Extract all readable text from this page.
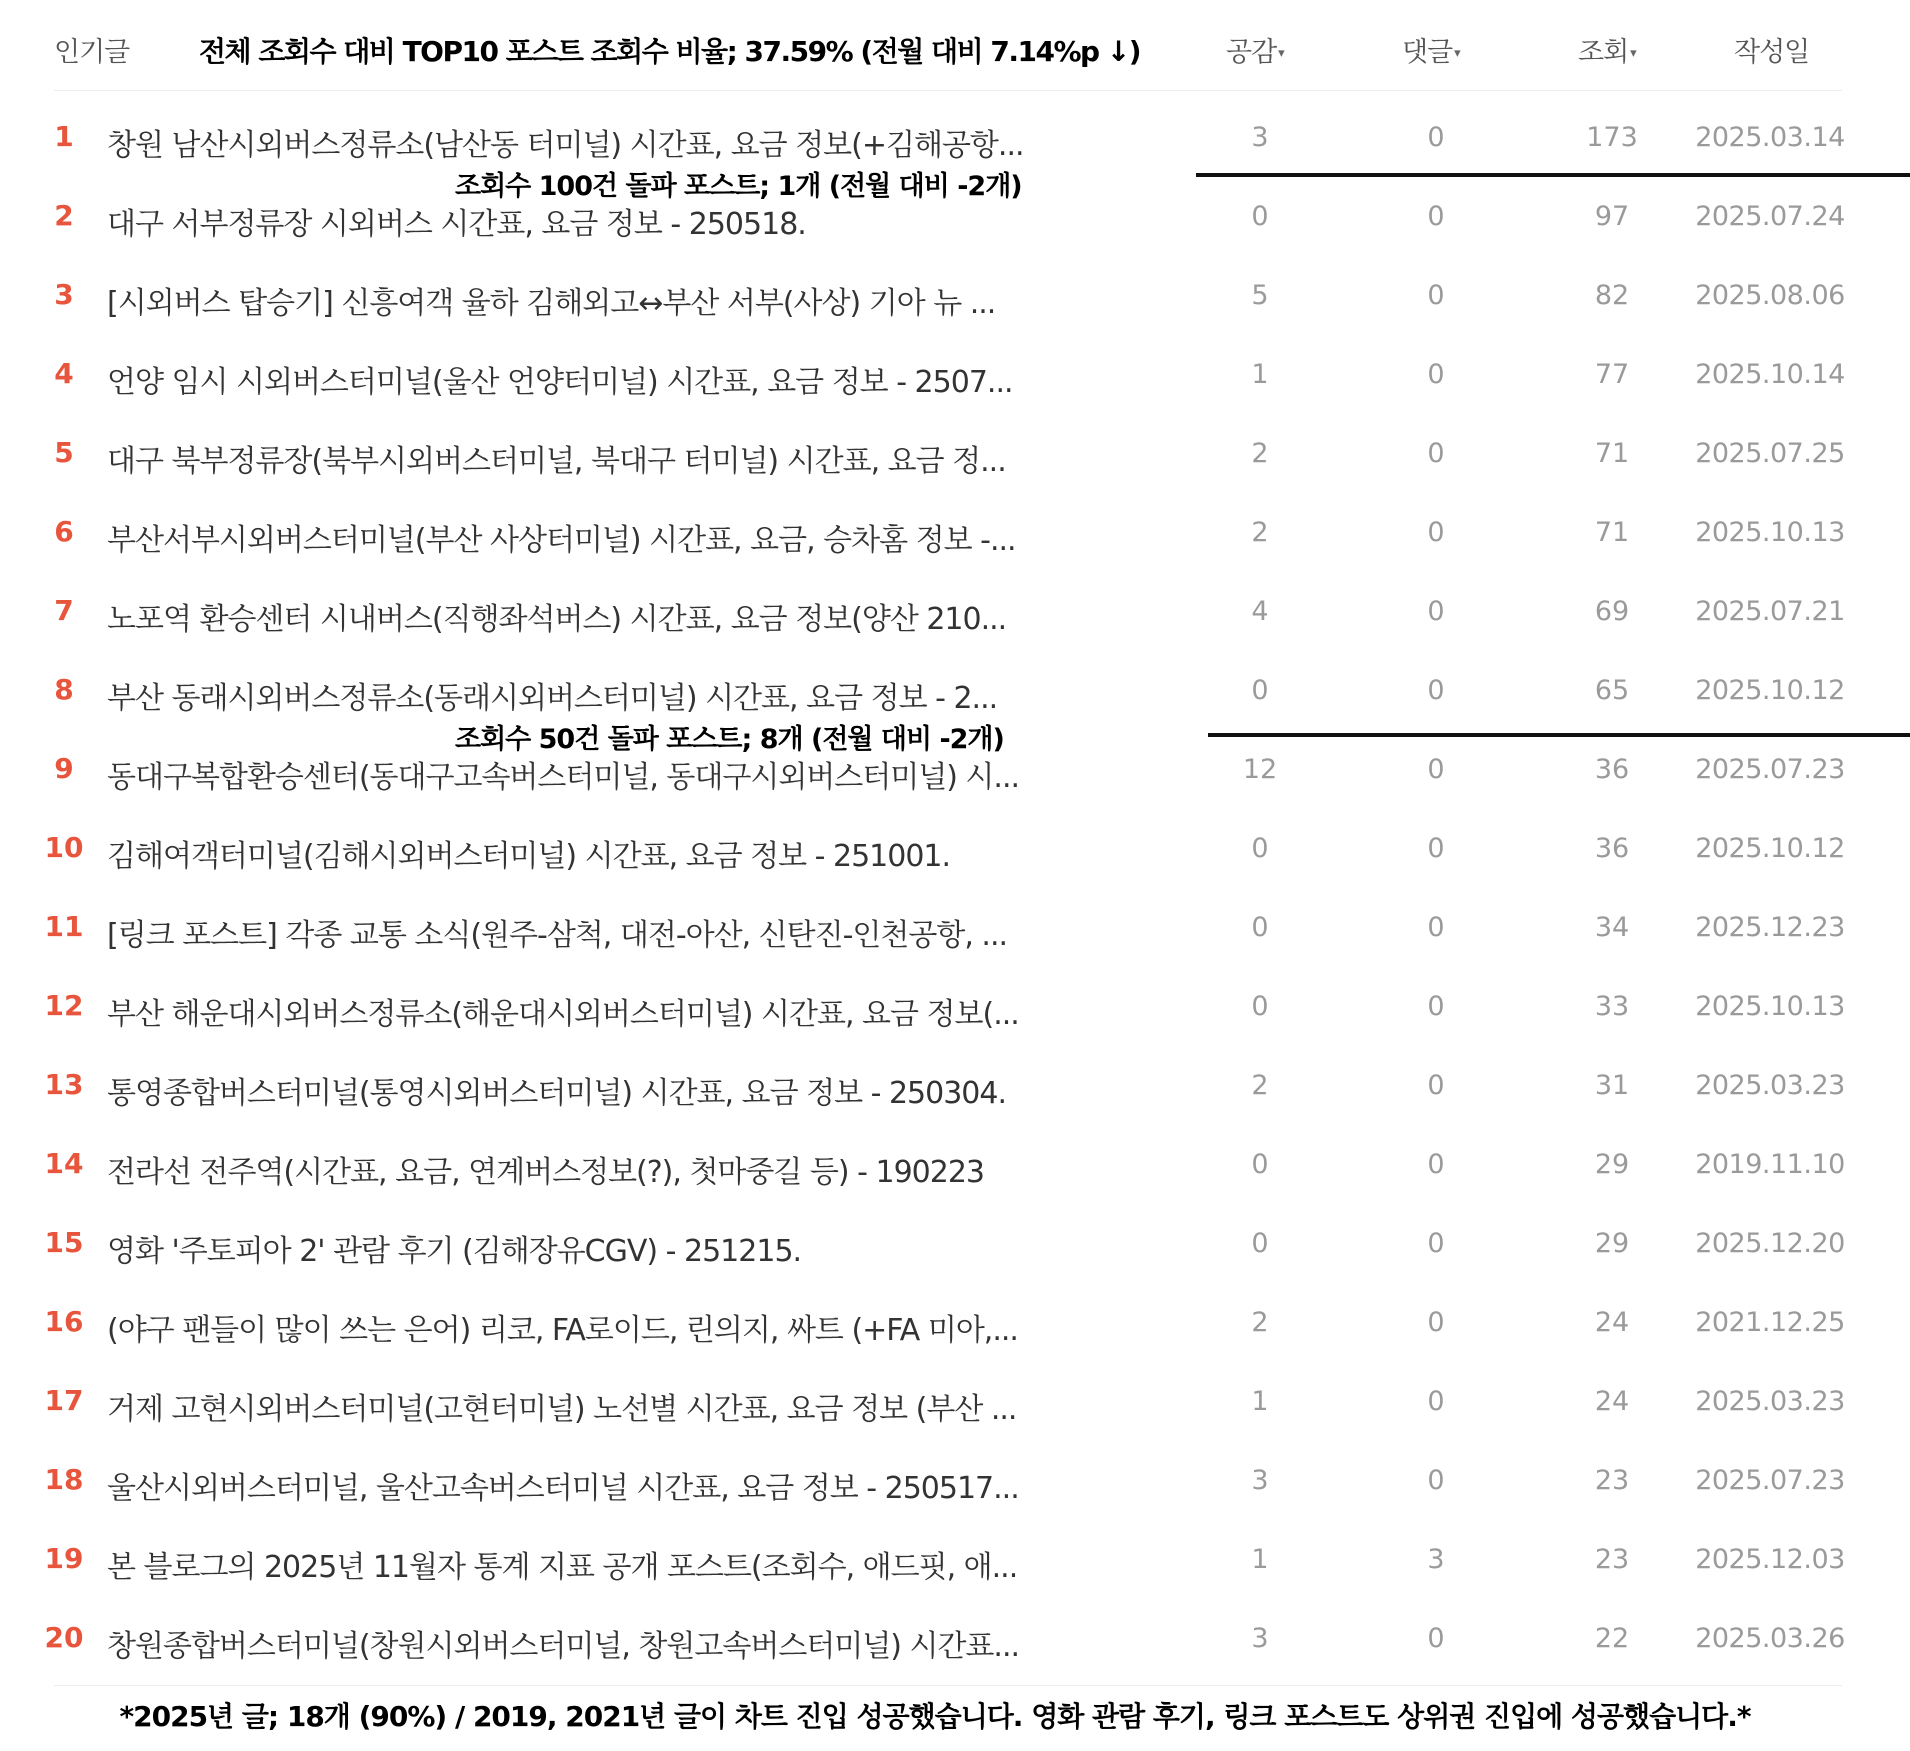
인기글 전체 조회수 대비 TOP10 포스트 조회수 비율; 37.59% (전월 대비 7.14%p ↓)	공감 ▾	댓글 ▾	조회 ▾	작성일
1	창원 남산시외버스정류소(남산동 터미널) 시간표, 요금 정보(+김해공항...	3	0	173	2025.03.14
2	대구 서부정류장 시외버스 시간표, 요금 정보 - 250518.	0	0	97	2025.07.24
3	[시외버스 탑승기] 신흥여객 율하 김해외고↔부산 서부(사상) 기아 뉴 ...	5	0	82	2025.08.06
4	언양 임시 시외버스터미널(울산 언양터미널) 시간표, 요금 정보 - 2507...	1	0	77	2025.10.14
5	대구 북부정류장(북부시외버스터미널, 북대구 터미널) 시간표, 요금 정...	2	0	71	2025.07.25
6	부산서부시외버스터미널(부산 사상터미널) 시간표, 요금, 승차홈 정보 -...	2	0	71	2025.10.13
7	노포역 환승센터 시내버스(직행좌석버스) 시간표, 요금 정보(양산 210...	4	0	69	2025.07.21
8	부산 동래시외버스정류소(동래시외버스터미널) 시간표, 요금 정보 - 2...	0	0	65	2025.10.12
9	동대구복합환승센터(동대구고속버스터미널, 동대구시외버스터미널) 시...	12	0	36	2025.07.23
10 김해여객터미널(김해시외버스터미널) 시간표, 요금 정보 - 251001.	0	0	36	2025.10.12
11 [링크 포스트] 각종 교통 소식(원주-삼척, 대전-아산, 신탄진-인천공항, ...	0	0	34	2025.12.23
12 부산 해운대시외버스정류소(해운대시외버스터미널) 시간표, 요금 정보(...	0	0	33	2025.10.13
13 통영종합버스터미널(통영시외버스터미널) 시간표, 요금 정보 - 250304.	2	0	31	2025.03.23
14 전라선 전주역(시간표, 요금, 연계버스정보(?), 첫마중길 등) - 190223	0	0	29	2019.11.10
15 영화 '주토피아 2' 관람 후기 (김해장유CGV) - 251215.	0	0	29	2025.12.20
16 (야구 팬들이 많이 쓰는 은어) 리코, FA로이드, 린의지, 싸트 (+FA 미아,...	2	0	24	2021.12.25
17 거제 고현시외버스터미널(고현터미널) 노선별 시간표, 요금 정보 (부산 ...	1	0	24	2025.03.23
18 울산시외버스터미널, 울산고속버스터미널 시간표, 요금 정보 - 250517...	3	0	23	2025.07.23
19 본 블로그의 2025년 11월자 통계 지표 공개 포스트(조회수, 애드핏, 애...	1	3	23	2025.12.03
20 창원종합버스터미널(창원시외버스터미널, 창원고속버스터미널) 시간표...	3	0	22	2025.03.26
조회수 100건 돌파 포스트; 1개 (전월 대비 -2개)
조회수 50건 돌파 포스트; 8개 (전월 대비 -2개)
*2025년 글; 18개 (90%) / 2019, 2021년 글이 차트 진입 성공했습니다. 영화 관람 후기, 링크 포스트도 상위권 진입에 성공했습니다.*
